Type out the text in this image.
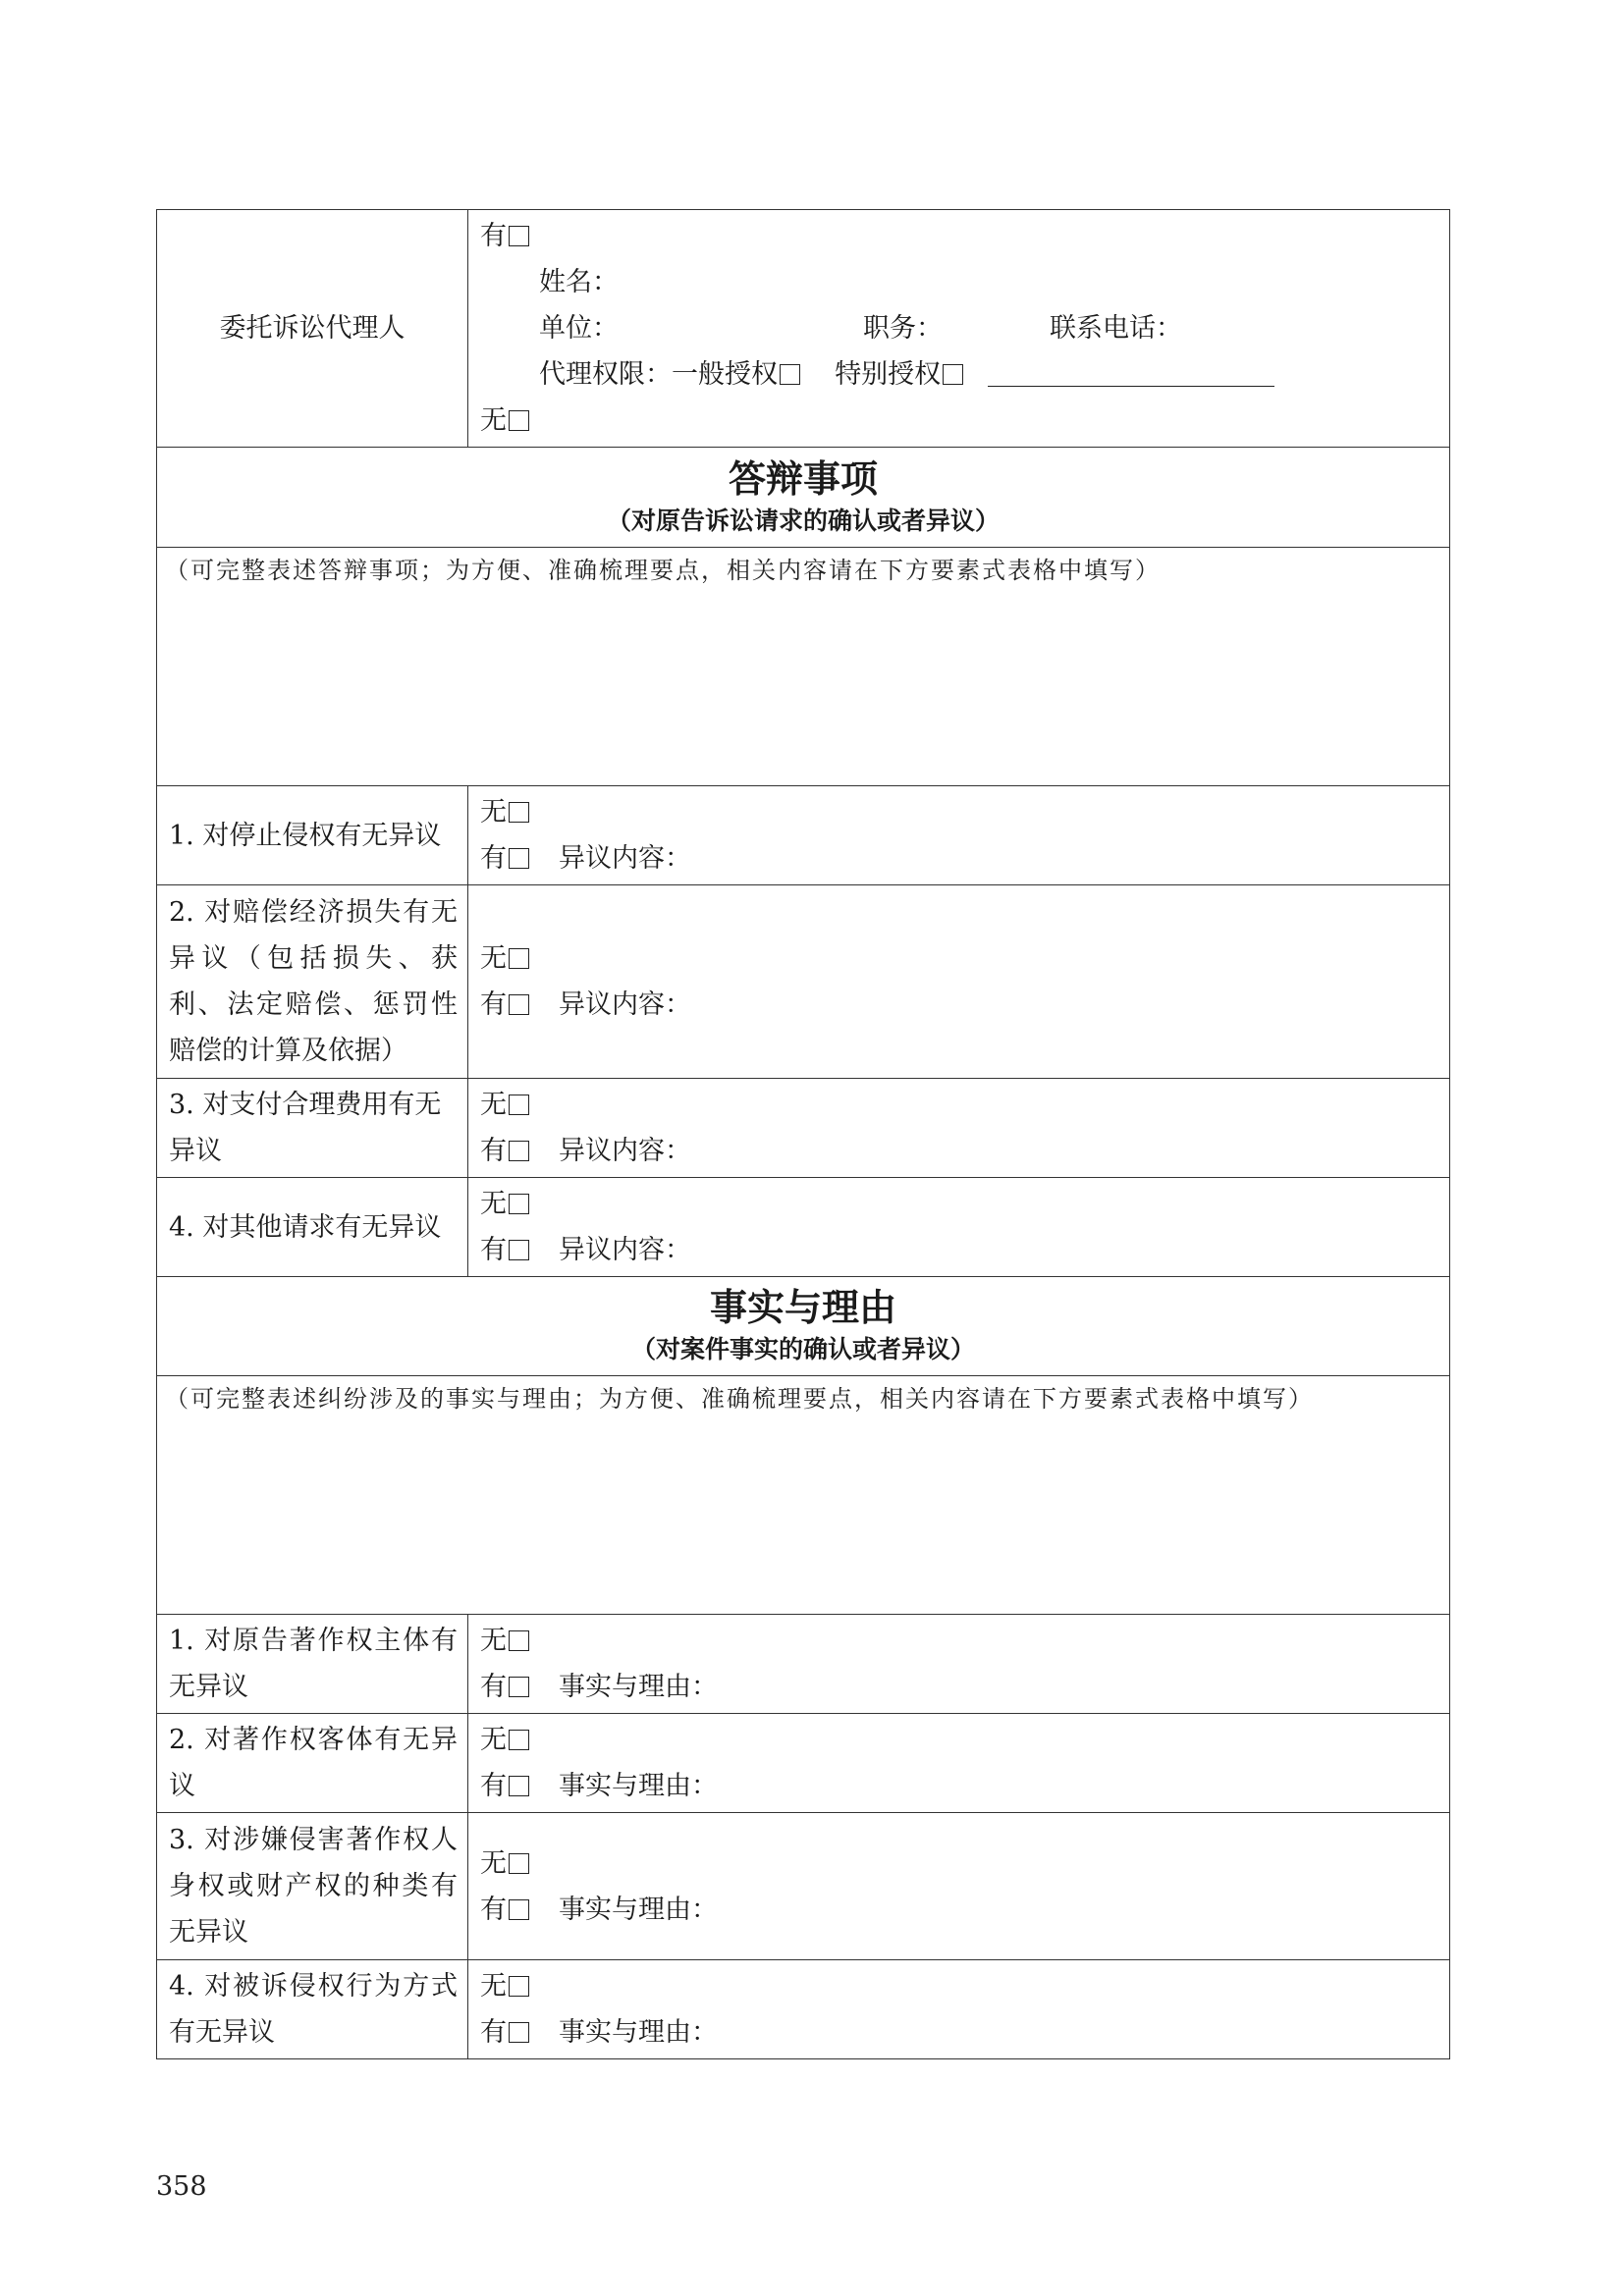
委托诉讼代理人	有
姓名：
单位： 职务： 联系电话：
代理权限：一般授权 特别授权
无

答辩事项
（对原告诉讼请求的确认或者异议）	

（可完整表述答辩事项；为方便、准确梳理要点，相关内容请在下方要素式表格中填写）	

1. 对停止侵权有无异议	无
有 异议内容：

2. 对赔偿经济损失有无异议（包括损失、获利、法定赔偿、惩罚性赔偿的计算及依据）	无
有 异议内容：

3. 对支付合理费用有无异议	无
有 异议内容：

4. 对其他请求有无异议	无
有 异议内容：

事实与理由
（对案件事实的确认或者异议）	

（可完整表述纠纷涉及的事实与理由；为方便、准确梳理要点，相关内容请在下方要素式表格中填写）	

1. 对原告著作权主体有无异议	无
有 事实与理由：

2. 对著作权客体有无异议	无
有 事实与理由：

3. 对涉嫌侵害著作权人身权或财产权的种类有无异议	无
有 事实与理由：

4. 对被诉侵权行为方式有无异议	无
有 事实与理由：
358
